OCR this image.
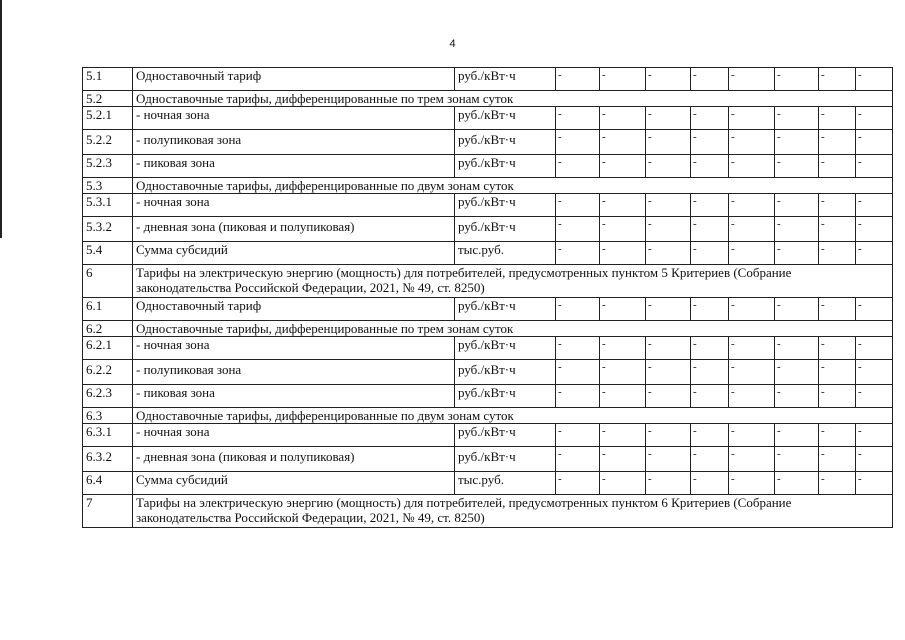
4
5.1	Одноставочный тариф	руб./кВт·ч	-	-	-	-	-	-	-	-
5.2	Одноставочные тарифы, дифференцированные по трем зонам суток									
5.2.1	- ночная зона	руб./кВт·ч	-	-	-	-	-	-	-	-
5.2.2	- полупиковая зона	руб./кВт·ч	-	-	-	-	-	-	-	-
5.2.3	- пиковая зона	руб./кВт·ч	-	-	-	-	-	-	-	-
5.3	Одноставочные тарифы, дифференцированные по двум зонам суток									
5.3.1	- ночная зона	руб./кВт·ч	-	-	-	-	-	-	-	-
5.3.2	- дневная зона (пиковая и полупиковая)	руб./кВт·ч	-	-	-	-	-	-	-	-
5.4	Сумма субсидий	тыс.руб.	-	-	-	-	-	-	-	-
6	Тарифы на электрическую энергию (мощность) для потребителей, предусмотренных пунктом 5 Критериев (Собрание законодательства Российской Федерации, 2021, № 49, ст. 8250)									
6.1	Одноставочный тариф	руб./кВт·ч	-	-	-	-	-	-	-	-
6.2	Одноставочные тарифы, дифференцированные по трем зонам суток									
6.2.1	- ночная зона	руб./кВт·ч	-	-	-	-	-	-	-	-
6.2.2	- полупиковая зона	руб./кВт·ч	-	-	-	-	-	-	-	-
6.2.3	- пиковая зона	руб./кВт·ч	-	-	-	-	-	-	-	-
6.3	Одноставочные тарифы, дифференцированные по двум зонам суток									
6.3.1	- ночная зона	руб./кВт·ч	-	-	-	-	-	-	-	-
6.3.2	- дневная зона (пиковая и полупиковая)	руб./кВт·ч	-	-	-	-	-	-	-	-
6.4	Сумма субсидий	тыс.руб.	-	-	-	-	-	-	-	-
7	Тарифы на электрическую энергию (мощность) для потребителей, предусмотренных пунктом 6 Критериев (Собрание законодательства Российской Федерации, 2021, № 49, ст. 8250)									
